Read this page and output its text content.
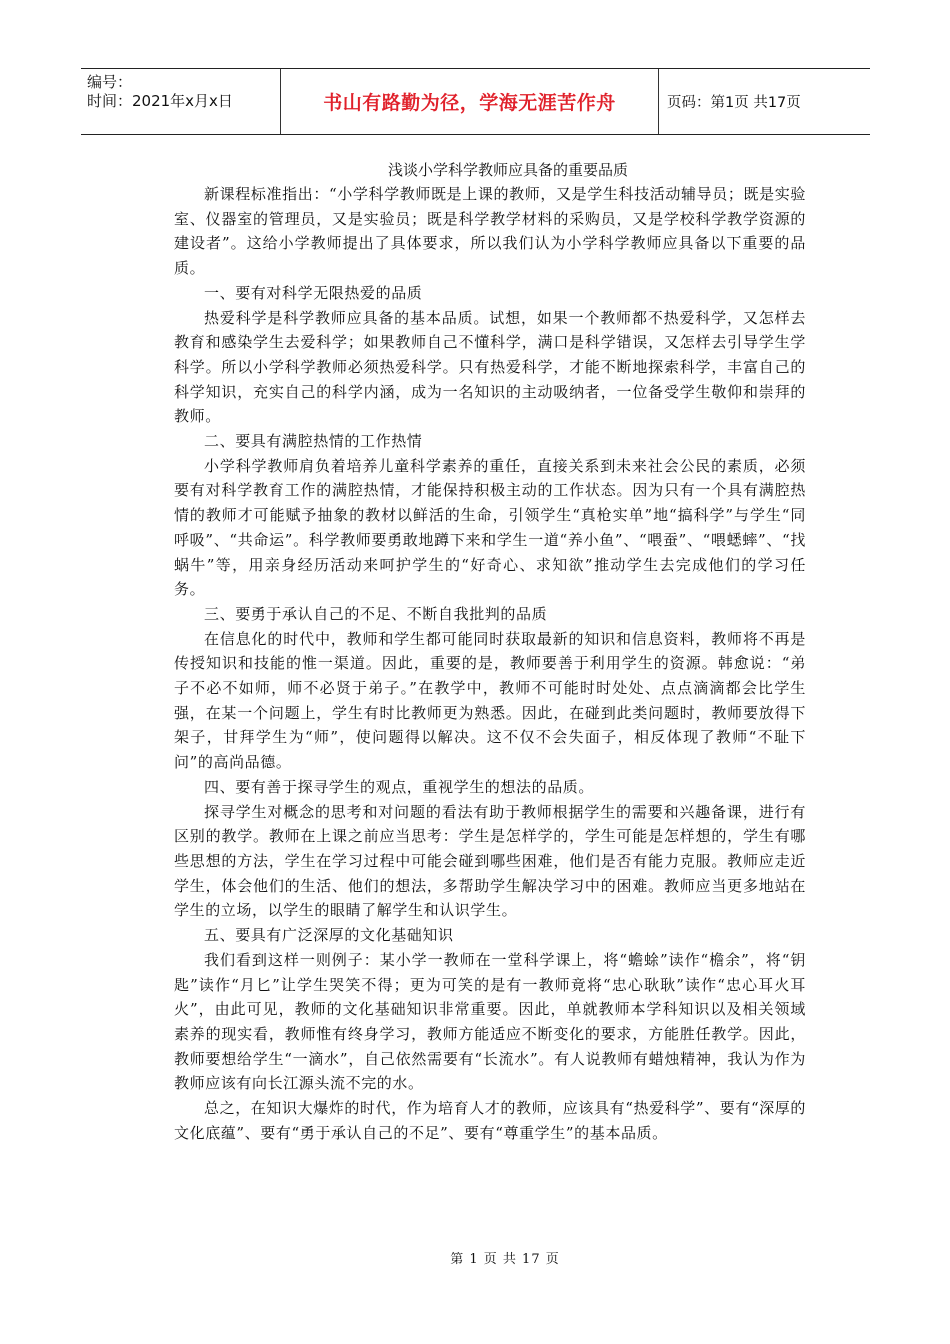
编号：
时间：2021年x月x日	书山有路勤为径，学海无涯苦作舟	页码：第1页 共17页
浅谈小学科学教师应具备的重要品质

新课程标准指出：“小学科学教师既是上课的教师，又是学生科技活动辅导员；既是实验室、仪器室的管理员，又是实验员；既是科学教学材料的采购员，又是学校科学教学资源的建设者”。这给小学教师提出了具体要求，所以我们认为小学科学教师应具备以下重要的品质。

一、要有对科学无限热爱的品质

热爱科学是科学教师应具备的基本品质。试想，如果一个教师都不热爱科学，又怎样去教育和感染学生去爱科学；如果教师自己不懂科学，满口是科学错误，又怎样去引导学生学科学。所以小学科学教师必须热爱科学。只有热爱科学，才能不断地探索科学，丰富自己的科学知识，充实自己的科学内涵，成为一名知识的主动吸纳者，一位备受学生敬仰和崇拜的教师。

二、要具有满腔热情的工作热情

小学科学教师肩负着培养儿童科学素养的重任，直接关系到未来社会公民的素质，必须要有对科学教育工作的满腔热情，才能保持积极主动的工作状态。因为只有一个具有满腔热情的教师才可能赋予抽象的教材以鲜活的生命，引领学生“真枪实单”地“搞科学”与学生“同呼吸”、“共命运”。科学教师要勇敢地蹲下来和学生一道“养小鱼”、“喂蚕”、“喂蟋蟀”、“找蜗牛”等，用亲身经历活动来呵护学生的“好奇心、求知欲”推动学生去完成他们的学习任务。

三、要勇于承认自己的不足、不断自我批判的品质

在信息化的时代中，教师和学生都可能同时获取最新的知识和信息资料，教师将不再是传授知识和技能的惟一渠道。因此，重要的是，教师要善于利用学生的资源。韩愈说：“弟子不必不如师，师不必贤于弟子。”在教学中，教师不可能时时处处、点点滴滴都会比学生强，在某一个问题上，学生有时比教师更为熟悉。因此，在碰到此类问题时，教师要放得下架子，甘拜学生为“师”，使问题得以解决。这不仅不会失面子，相反体现了教师“不耻下问”的高尚品德。

四、要有善于探寻学生的观点，重视学生的想法的品质。

探寻学生对概念的思考和对问题的看法有助于教师根据学生的需要和兴趣备课，进行有区别的教学。教师在上课之前应当思考：学生是怎样学的，学生可能是怎样想的，学生有哪些思想的方法，学生在学习过程中可能会碰到哪些困难，他们是否有能力克服。教师应走近学生，体会他们的生活、他们的想法，多帮助学生解决学习中的困难。教师应当更多地站在学生的立场，以学生的眼睛了解学生和认识学生。

五、要具有广泛深厚的文化基础知识

我们看到这样一则例子：某小学一教师在一堂科学课上，将“蟾蜍”读作“檐余”，将“钥匙”读作“月匕”让学生哭笑不得；更为可笑的是有一教师竟将“忠心耿耿”读作“忠心耳火耳火”，由此可见，教师的文化基础知识非常重要。因此，单就教师本学科知识以及相关领域素养的现实看，教师惟有终身学习，教师方能适应不断变化的要求，方能胜任教学。因此，教师要想给学生“一滴水”，自己依然需要有“长流水”。有人说教师有蜡烛精神，我认为作为教师应该有向长江源头流不完的水。

总之，在知识大爆炸的时代，作为培育人才的教师，应该具有“热爱科学”、要有“深厚的文化底蕴”、要有“勇于承认自己的不足”、要有“尊重学生”的基本品质。

第 1 页 共 17 页
